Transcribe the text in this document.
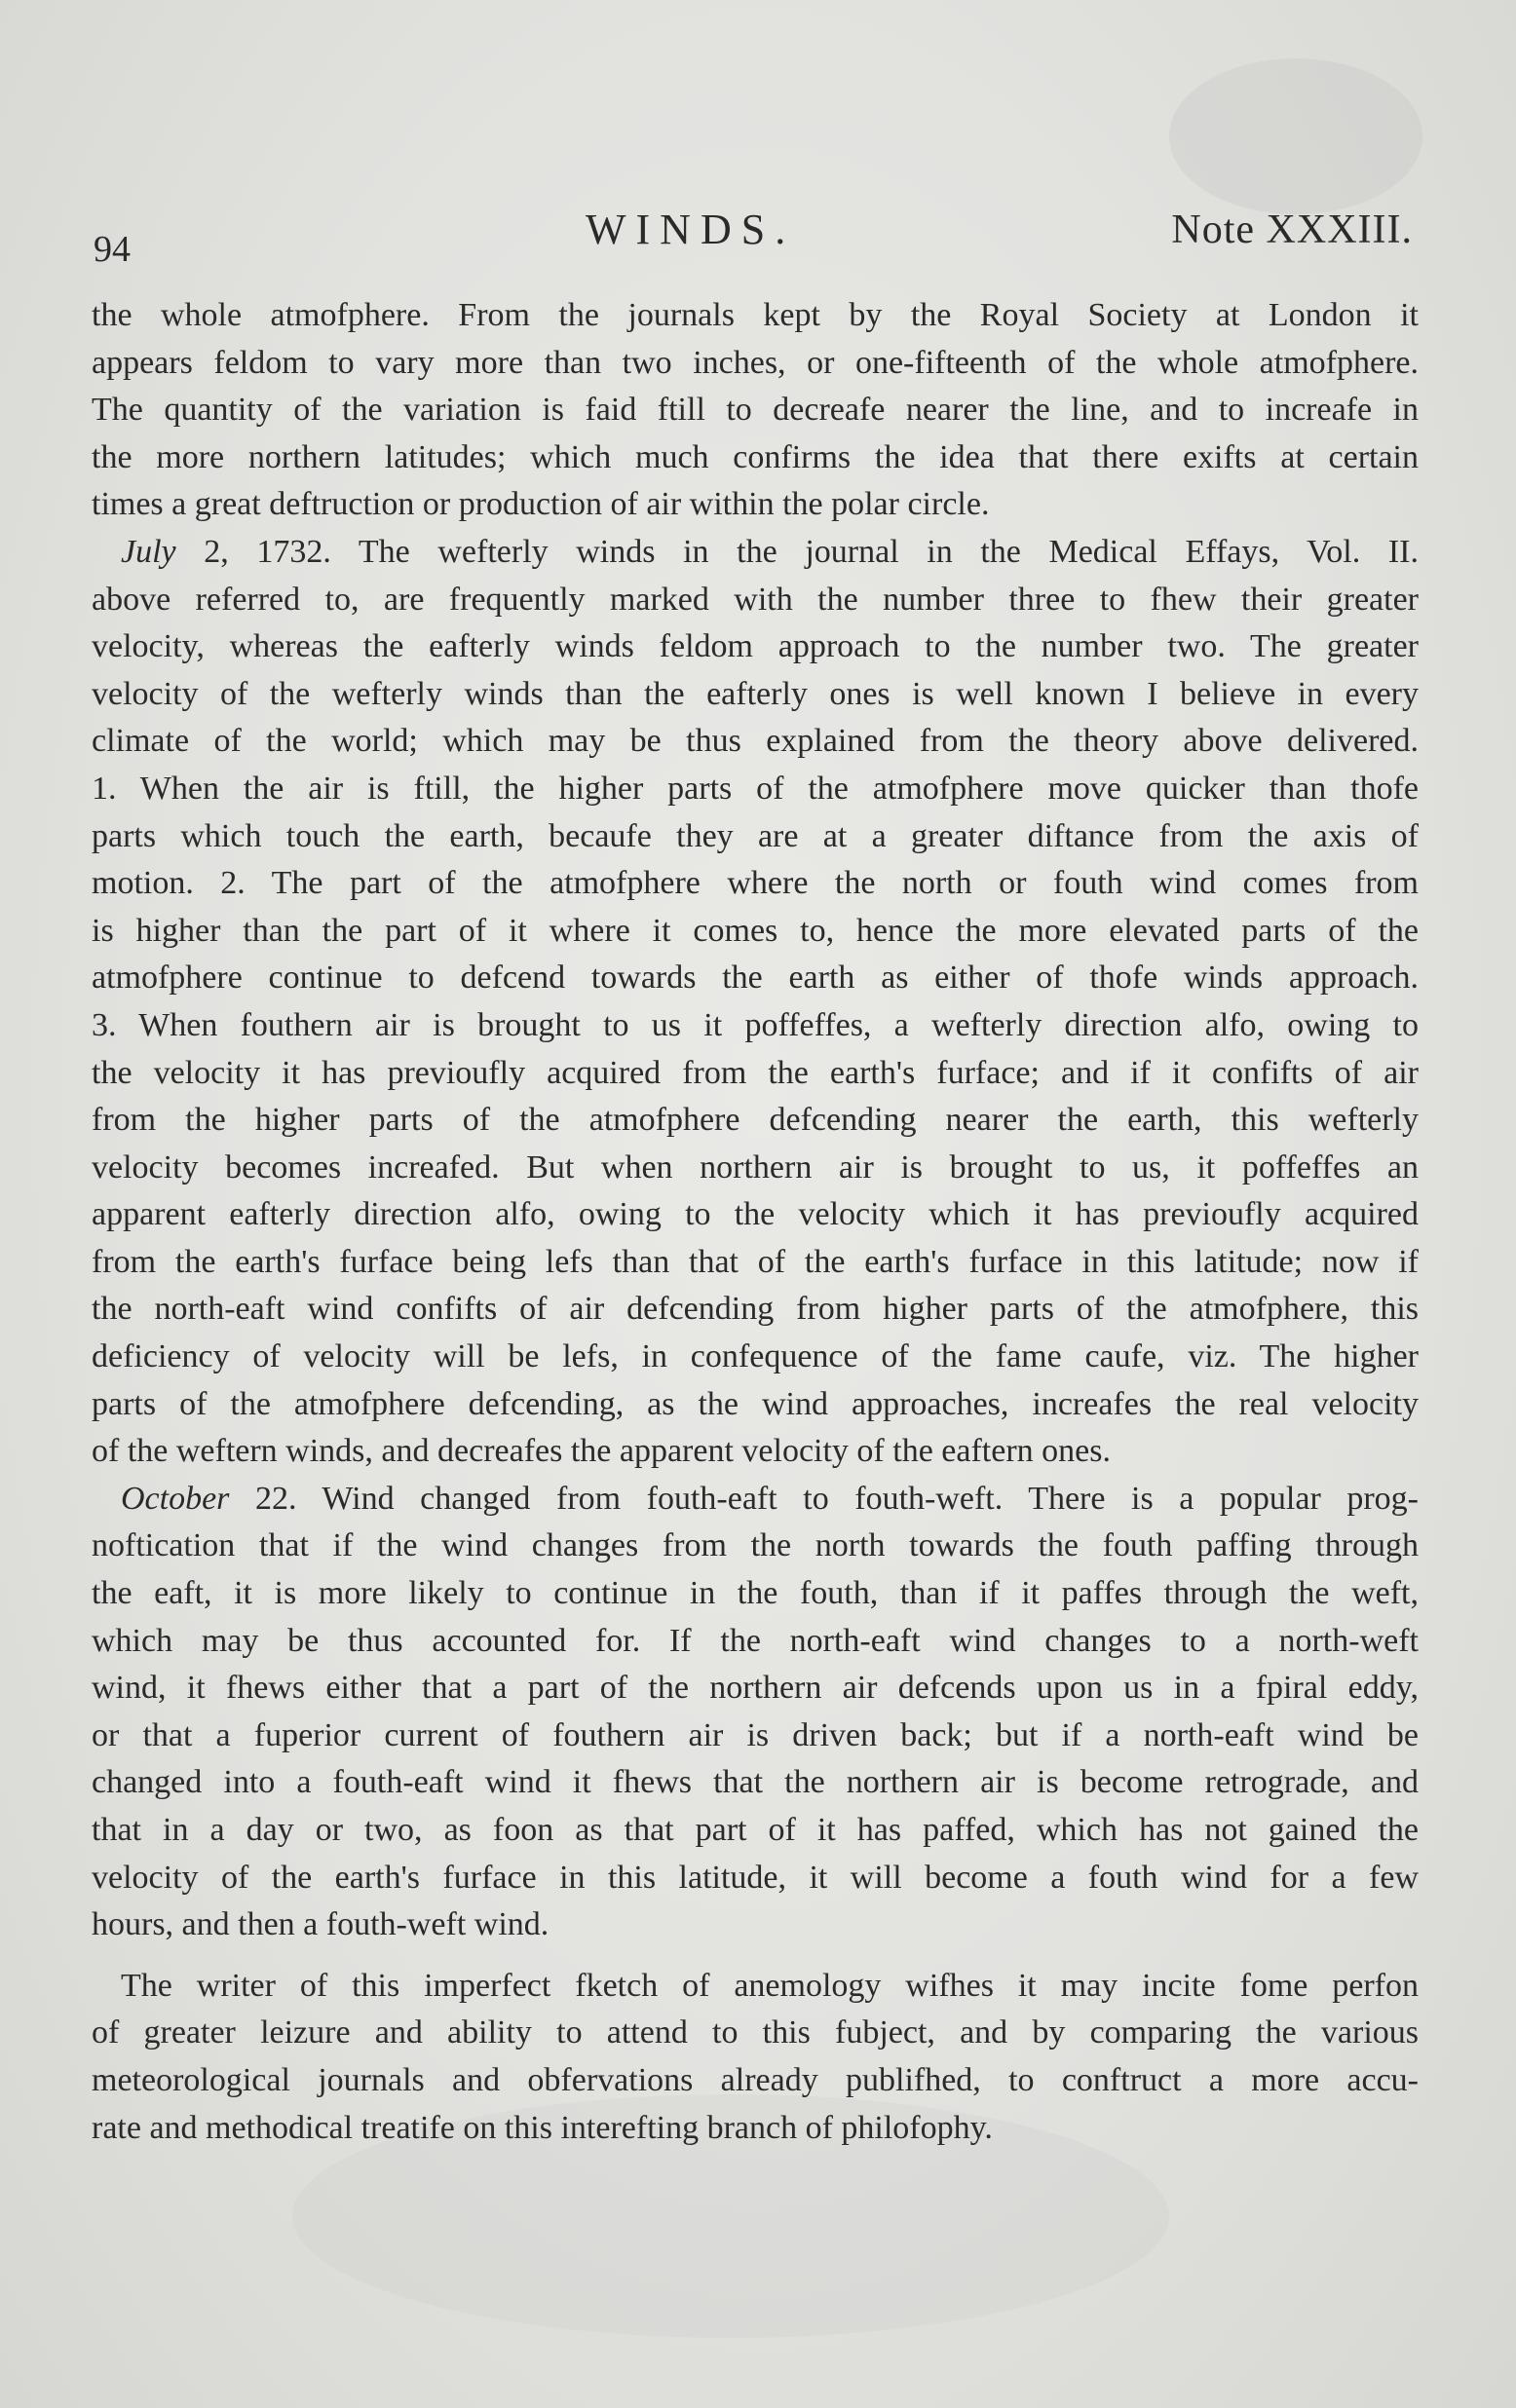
94	WINDS.	Note XXXIII.
the whole atmofphere. From the journals kept by the Royal Society at London it
appears feldom to vary more than two inches, or one-fifteenth of the whole atmofphere.
The quantity of the variation is faid ftill to decreafe nearer the line, and to increafe in
the more northern latitudes; which much confirms the idea that there exifts at certain
times a great deftruction or production of air within the polar circle.
July 2, 1732. The wefterly winds in the journal in the Medical Effays, Vol. II.
above referred to, are frequently marked with the number three to fhew their greater
velocity, whereas the eafterly winds feldom approach to the number two. The greater
velocity of the wefterly winds than the eafterly ones is well known I believe in every
climate of the world; which may be thus explained from the theory above delivered.
1. When the air is ftill, the higher parts of the atmofphere move quicker than thofe
parts which touch the earth, becaufe they are at a greater diftance from the axis of
motion. 2. The part of the atmofphere where the north or fouth wind comes from
is higher than the part of it where it comes to, hence the more elevated parts of the
atmofphere continue to defcend towards the earth as either of thofe winds approach.
3. When fouthern air is brought to us it poffeffes, a wefterly direction alfo, owing to
the velocity it has previoufly acquired from the earth's furface; and if it confifts of air
from the higher parts of the atmofphere defcending nearer the earth, this wefterly
velocity becomes increafed. But when northern air is brought to us, it poffeffes an
apparent eafterly direction alfo, owing to the velocity which it has previoufly acquired
from the earth's furface being lefs than that of the earth's furface in this latitude; now if
the north-eaft wind confifts of air defcending from higher parts of the atmofphere, this
deficiency of velocity will be lefs, in confequence of the fame caufe, viz. The higher
parts of the atmofphere defcending, as the wind approaches, increafes the real velocity
of the weftern winds, and decreafes the apparent velocity of the eaftern ones.
October 22. Wind changed from fouth-eaft to fouth-weft. There is a popular prog-
noftication that if the wind changes from the north towards the fouth paffing through
the eaft, it is more likely to continue in the fouth, than if it paffes through the weft,
which may be thus accounted for. If the north-eaft wind changes to a north-weft
wind, it fhews either that a part of the northern air defcends upon us in a fpiral eddy,
or that a fuperior current of fouthern air is driven back; but if a north-eaft wind be
changed into a fouth-eaft wind it fhews that the northern air is become retrograde, and
that in a day or two, as foon as that part of it has paffed, which has not gained the
velocity of the earth's furface in this latitude, it will become a fouth wind for a few
hours, and then a fouth-weft wind.
The writer of this imperfect fketch of anemology wifhes it may incite fome perfon
of greater leizure and ability to attend to this fubject, and by comparing the various
meteorological journals and obfervations already publifhed, to conftruct a more accu-
rate and methodical treatife on this interefting branch of philofophy.
